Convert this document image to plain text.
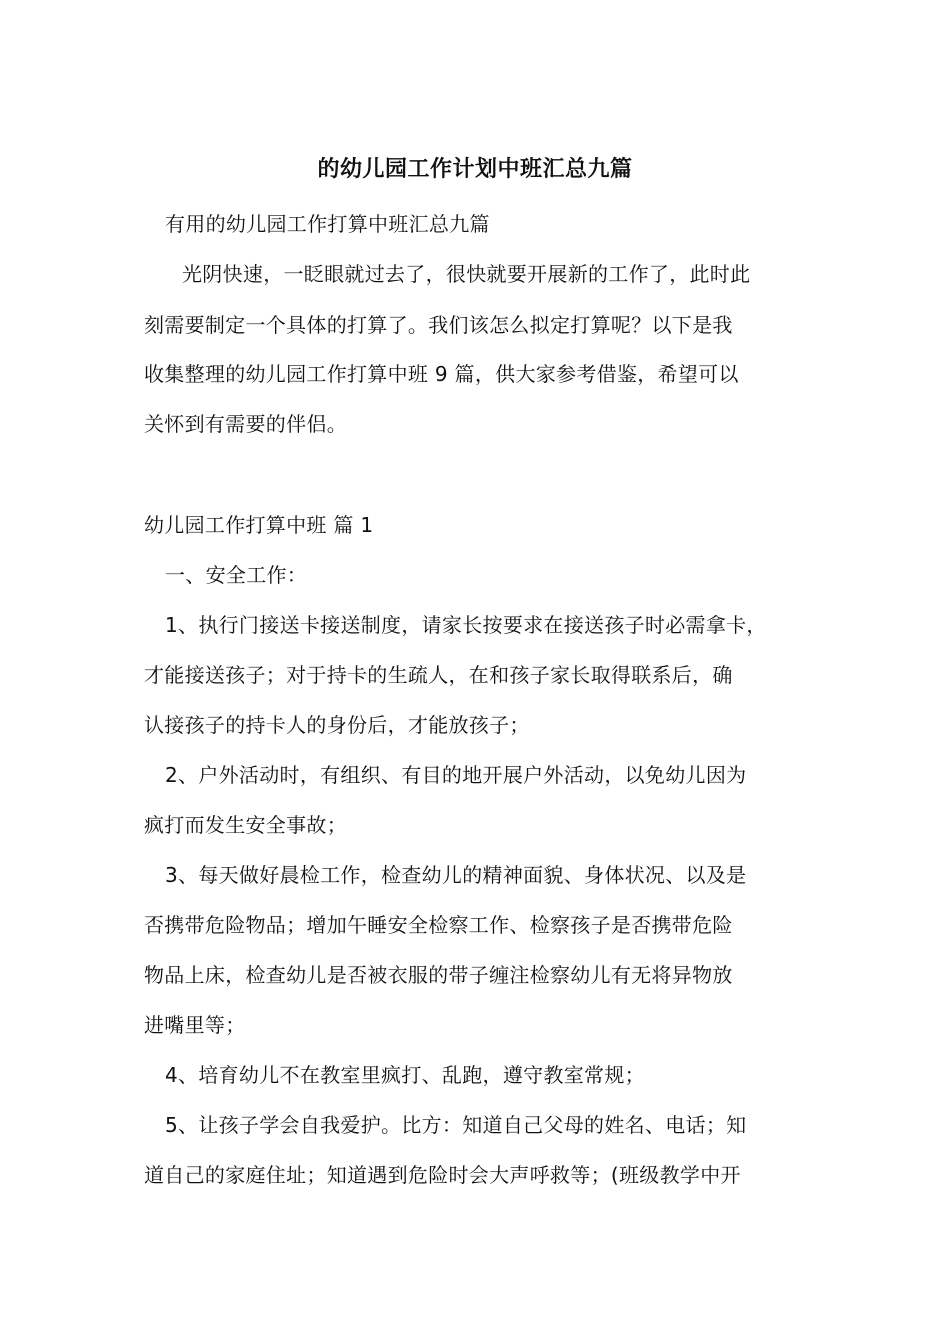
的幼儿园工作计划中班汇总九篇
有用的幼儿园工作打算中班汇总九篇
光阴快速，一眨眼就过去了，很快就要开展新的工作了，此时此
刻需要制定一个具体的打算了。我们该怎么拟定打算呢？以下是我
收集整理的幼儿园工作打算中班 9 篇，供大家参考借鉴，希望可以
关怀到有需要的伴侣。
幼儿园工作打算中班 篇 1
一、安全工作：
1、执行门接送卡接送制度，请家长按要求在接送孩子时必需拿卡，
才能接送孩子；对于持卡的生疏人，在和孩子家长取得联系后，确
认接孩子的持卡人的身份后，才能放孩子；
2、户外活动时，有组织、有目的地开展户外活动，以免幼儿因为
疯打而发生安全事故；
3、每天做好晨检工作，检查幼儿的精神面貌、身体状况、以及是
否携带危险物品；增加午睡安全检察工作、检察孩子是否携带危险
物品上床，检查幼儿是否被衣服的带子缠注检察幼儿有无将异物放
进嘴里等；
4、培育幼儿不在教室里疯打、乱跑，遵守教室常规；
5、让孩子学会自我爱护。比方：知道自己父母的姓名、电话；知
道自己的家庭住址；知道遇到危险时会大声呼救等；(班级教学中开
